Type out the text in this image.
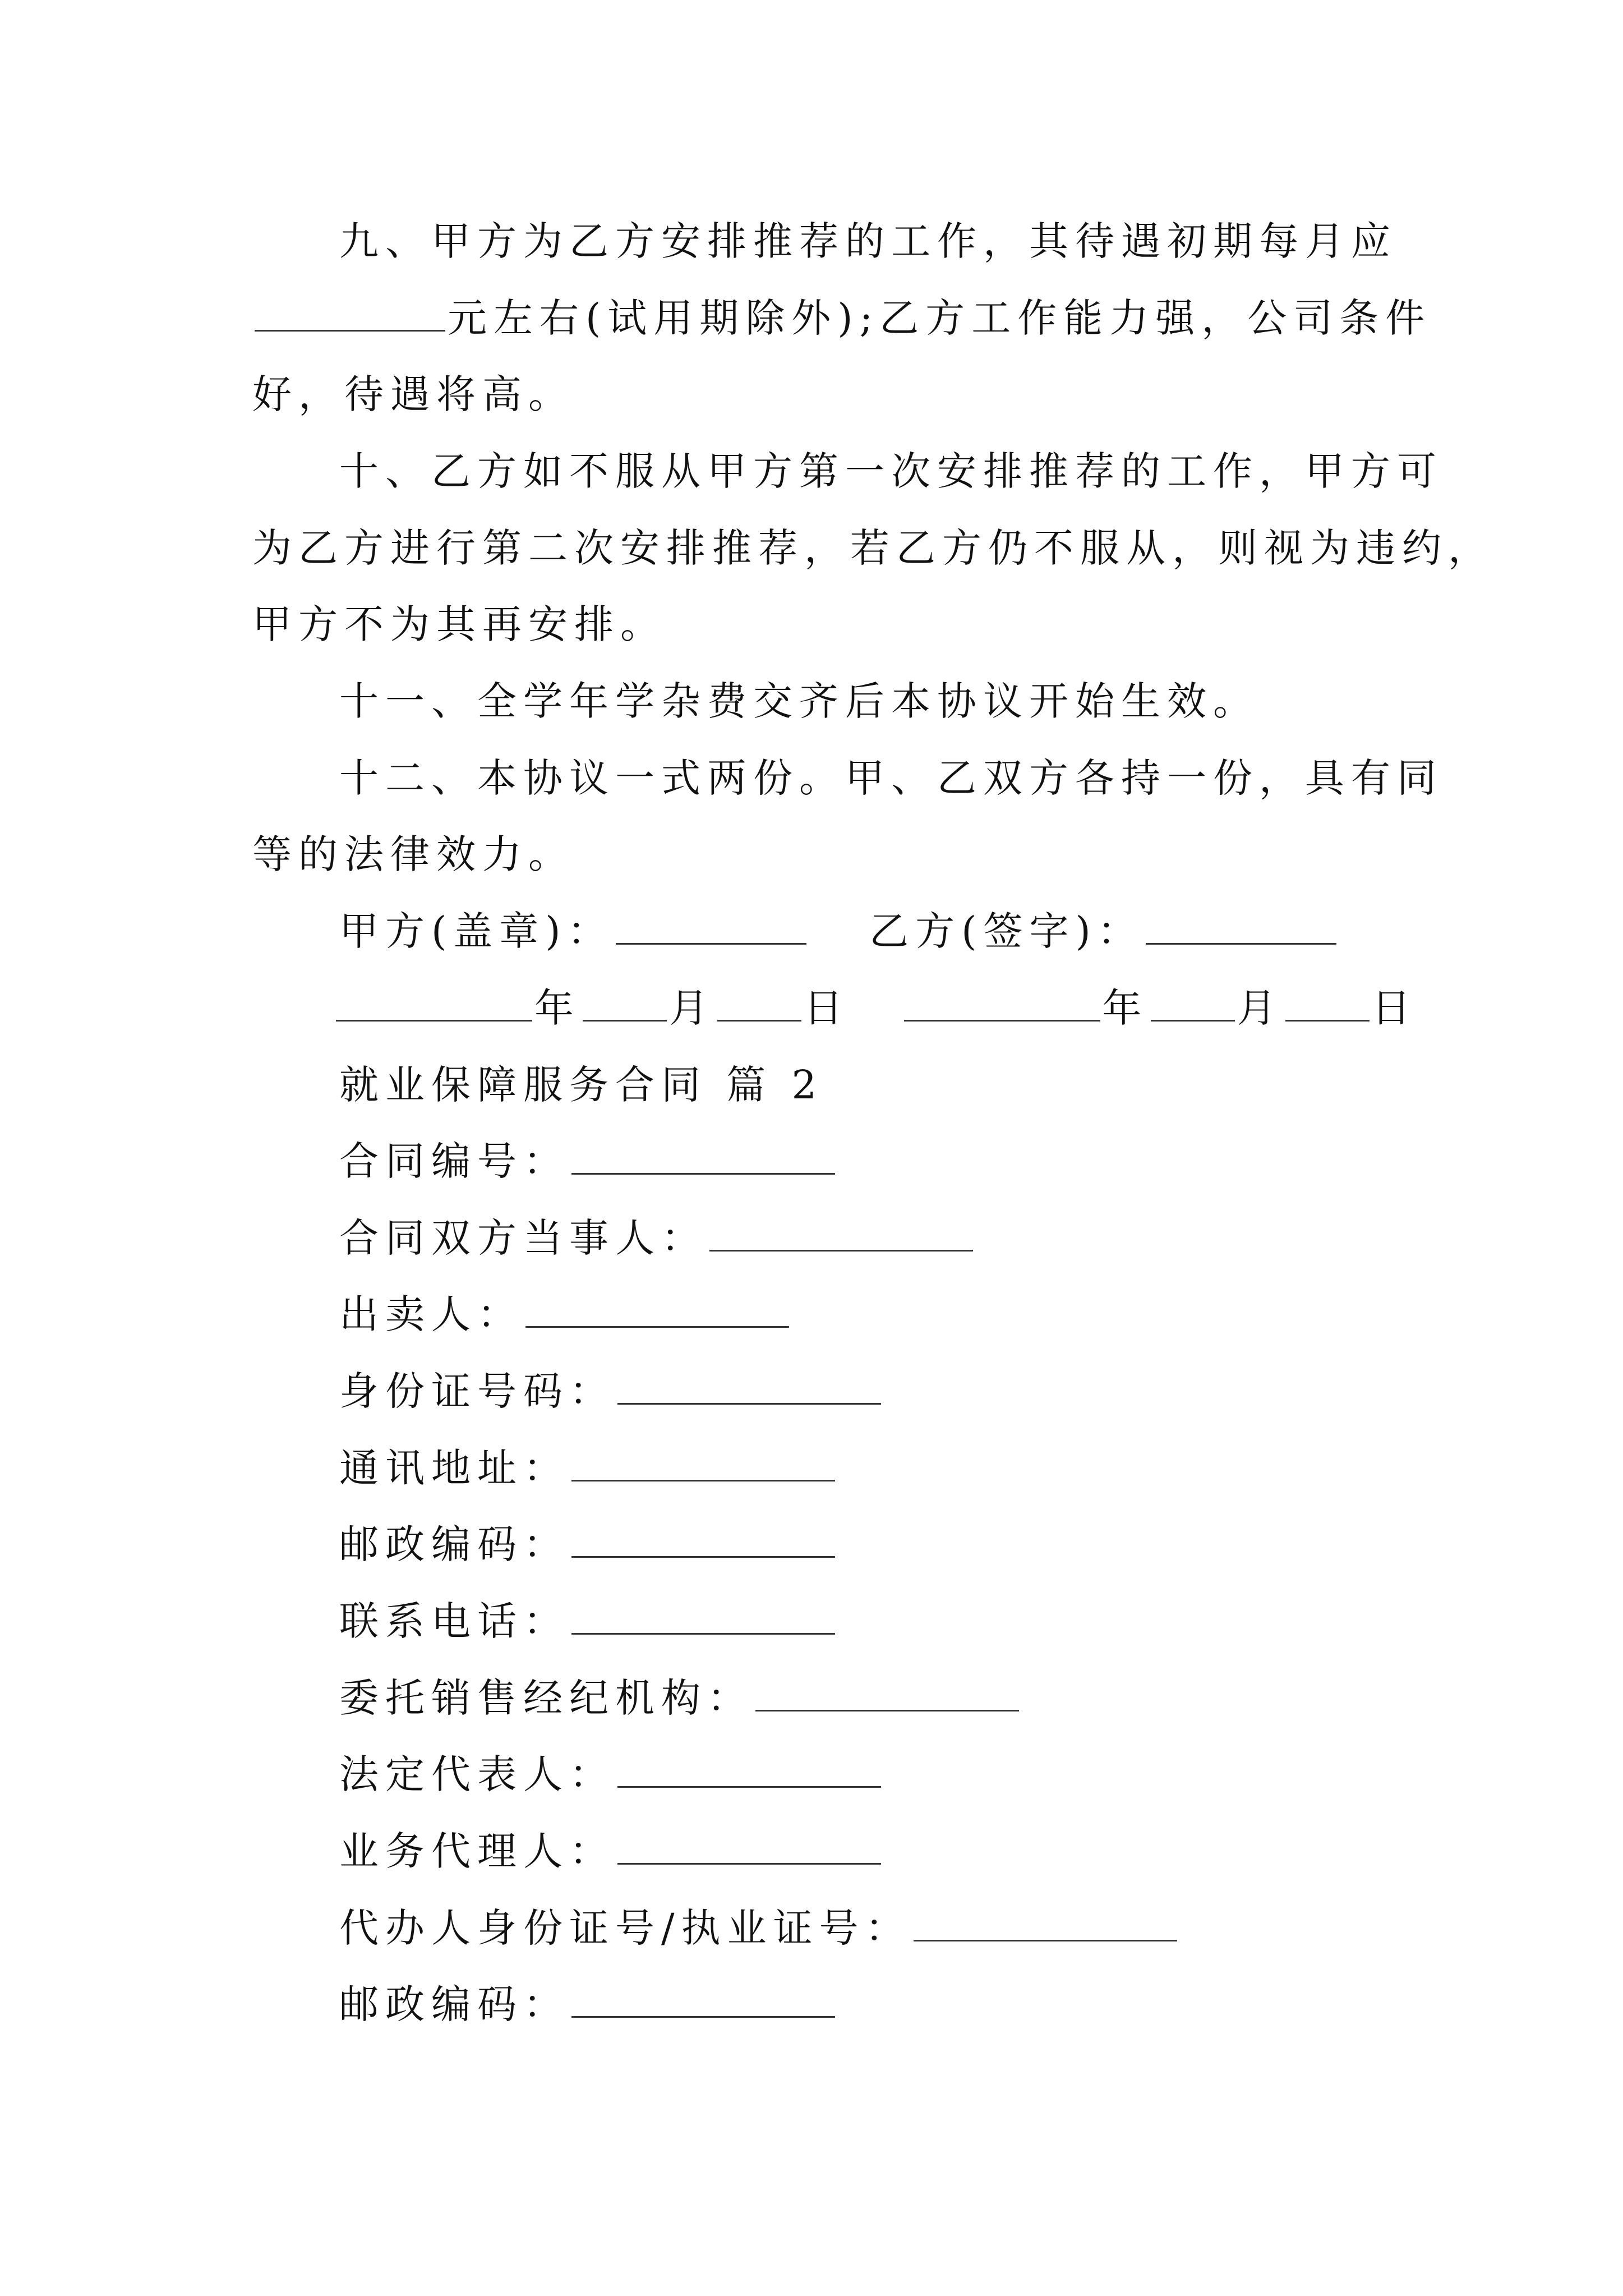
九、甲方为乙方安排推荐的工作，其待遇初期每月应
元左右(试用期除外);乙方工作能力强，公司条件
好，待遇将高。
十、乙方如不服从甲方第一次安排推荐的工作，甲方可
为乙方进行第二次安排推荐，若乙方仍不服从，则视为违约，
甲方不为其再安排。
十一、全学年学杂费交齐后本协议开始生效。
十二、本协议一式两份。甲、乙双方各持一份，具有同
等的法律效力。
甲方(盖章)：	乙方(签字)：
年 月 日	年 月 日
就业保障服务合同 篇 2
合同编号：
合同双方当事人：
出卖人：
身份证号码：
通讯地址：
邮政编码：
联系电话：
委托销售经纪机构：
法定代表人：
业务代理人：
代办人身份证号/执业证号：
邮政编码：
